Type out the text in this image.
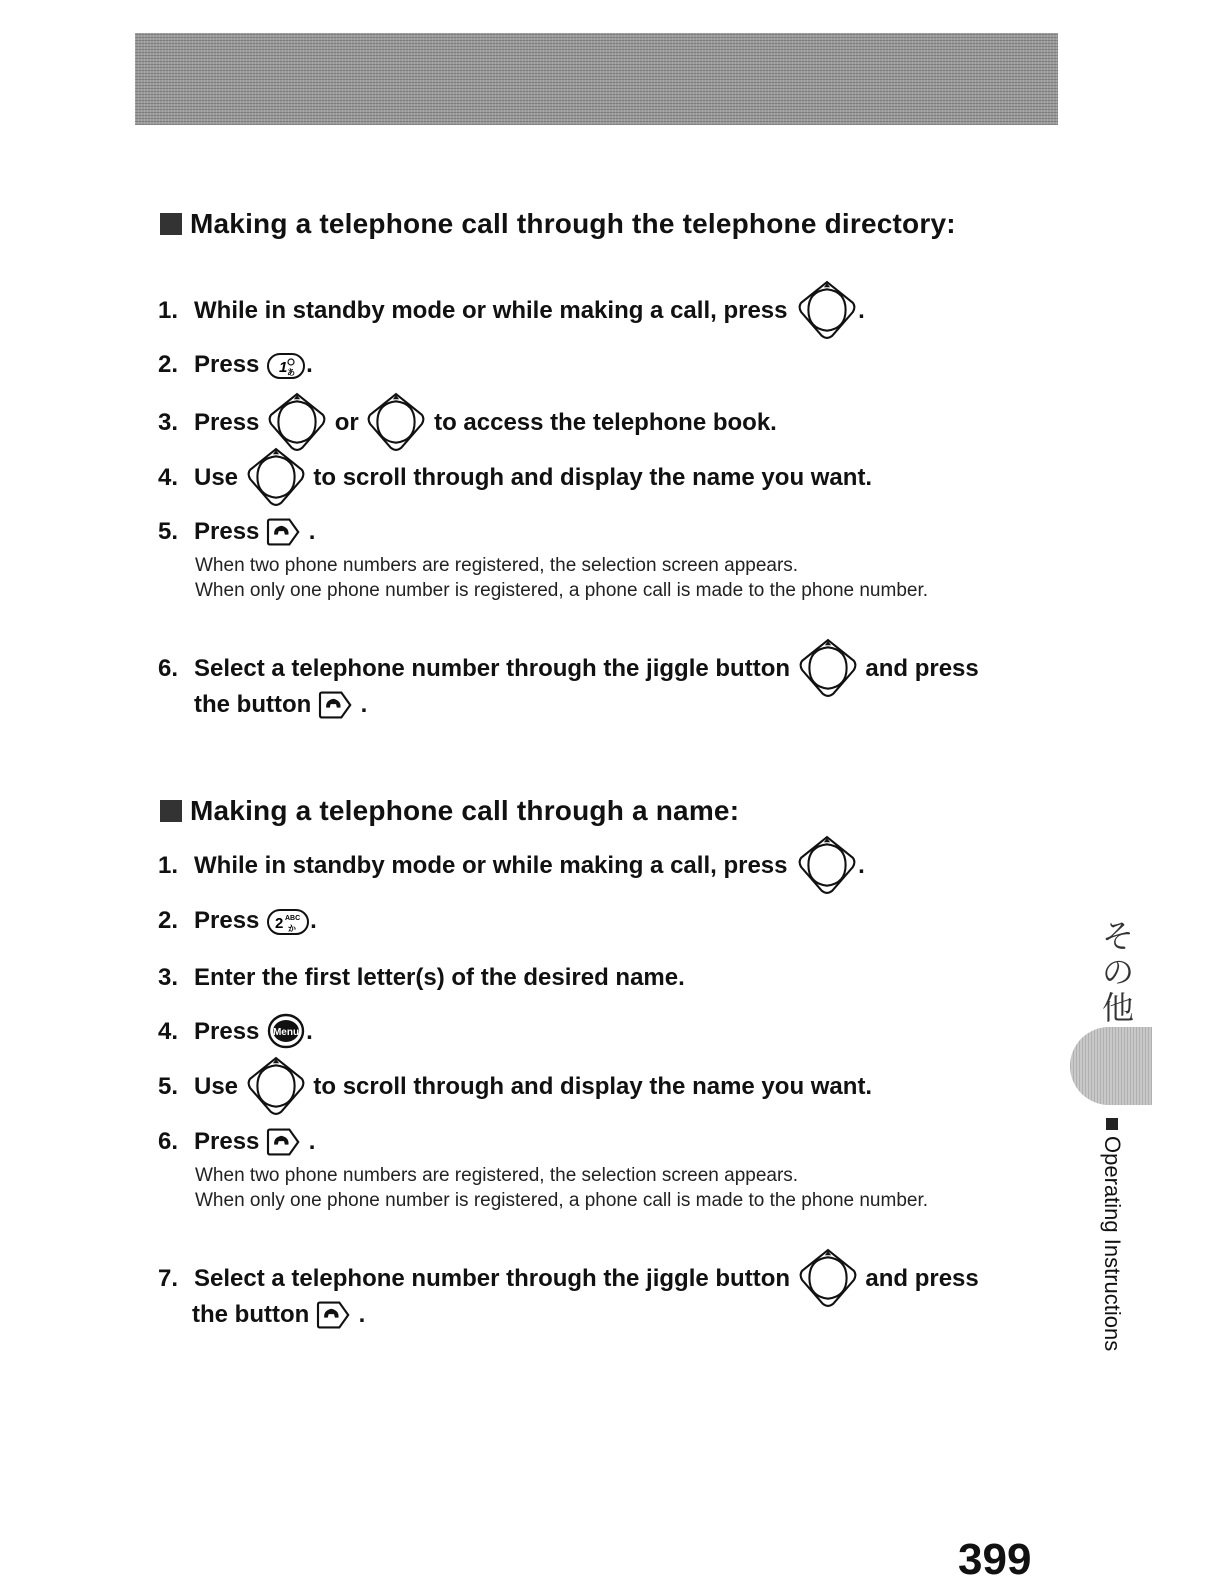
Making a telephone call through the telephone directory:
1. While in standby mode or while making a call, press	.
2. Press 1 あ .
3. Press	or	to access the telephone book.
4. Use	to scroll through and display the name you want.
5. Press .
When two phone numbers are registered, the selection screen appears.
When only one phone number is registered, a phone call is made to the phone number.
6. Select a telephone number through the jiggle button	and press
the button .
Making a telephone call through a name:
1. While in standby mode or while making a call, press	.
2. Press 2 ABC
か .
3. Enter the first letter(s) of the desired name.
4. Press Menu .
5. Use	to scroll through and display the name you want.
6. Press .
When two phone numbers are registered, the selection screen appears.
When only one phone number is registered, a phone call is made to the phone number.
7. Select a telephone number through the jiggle button	and press
the button .
そ
の
他
Operating Instructions
399
